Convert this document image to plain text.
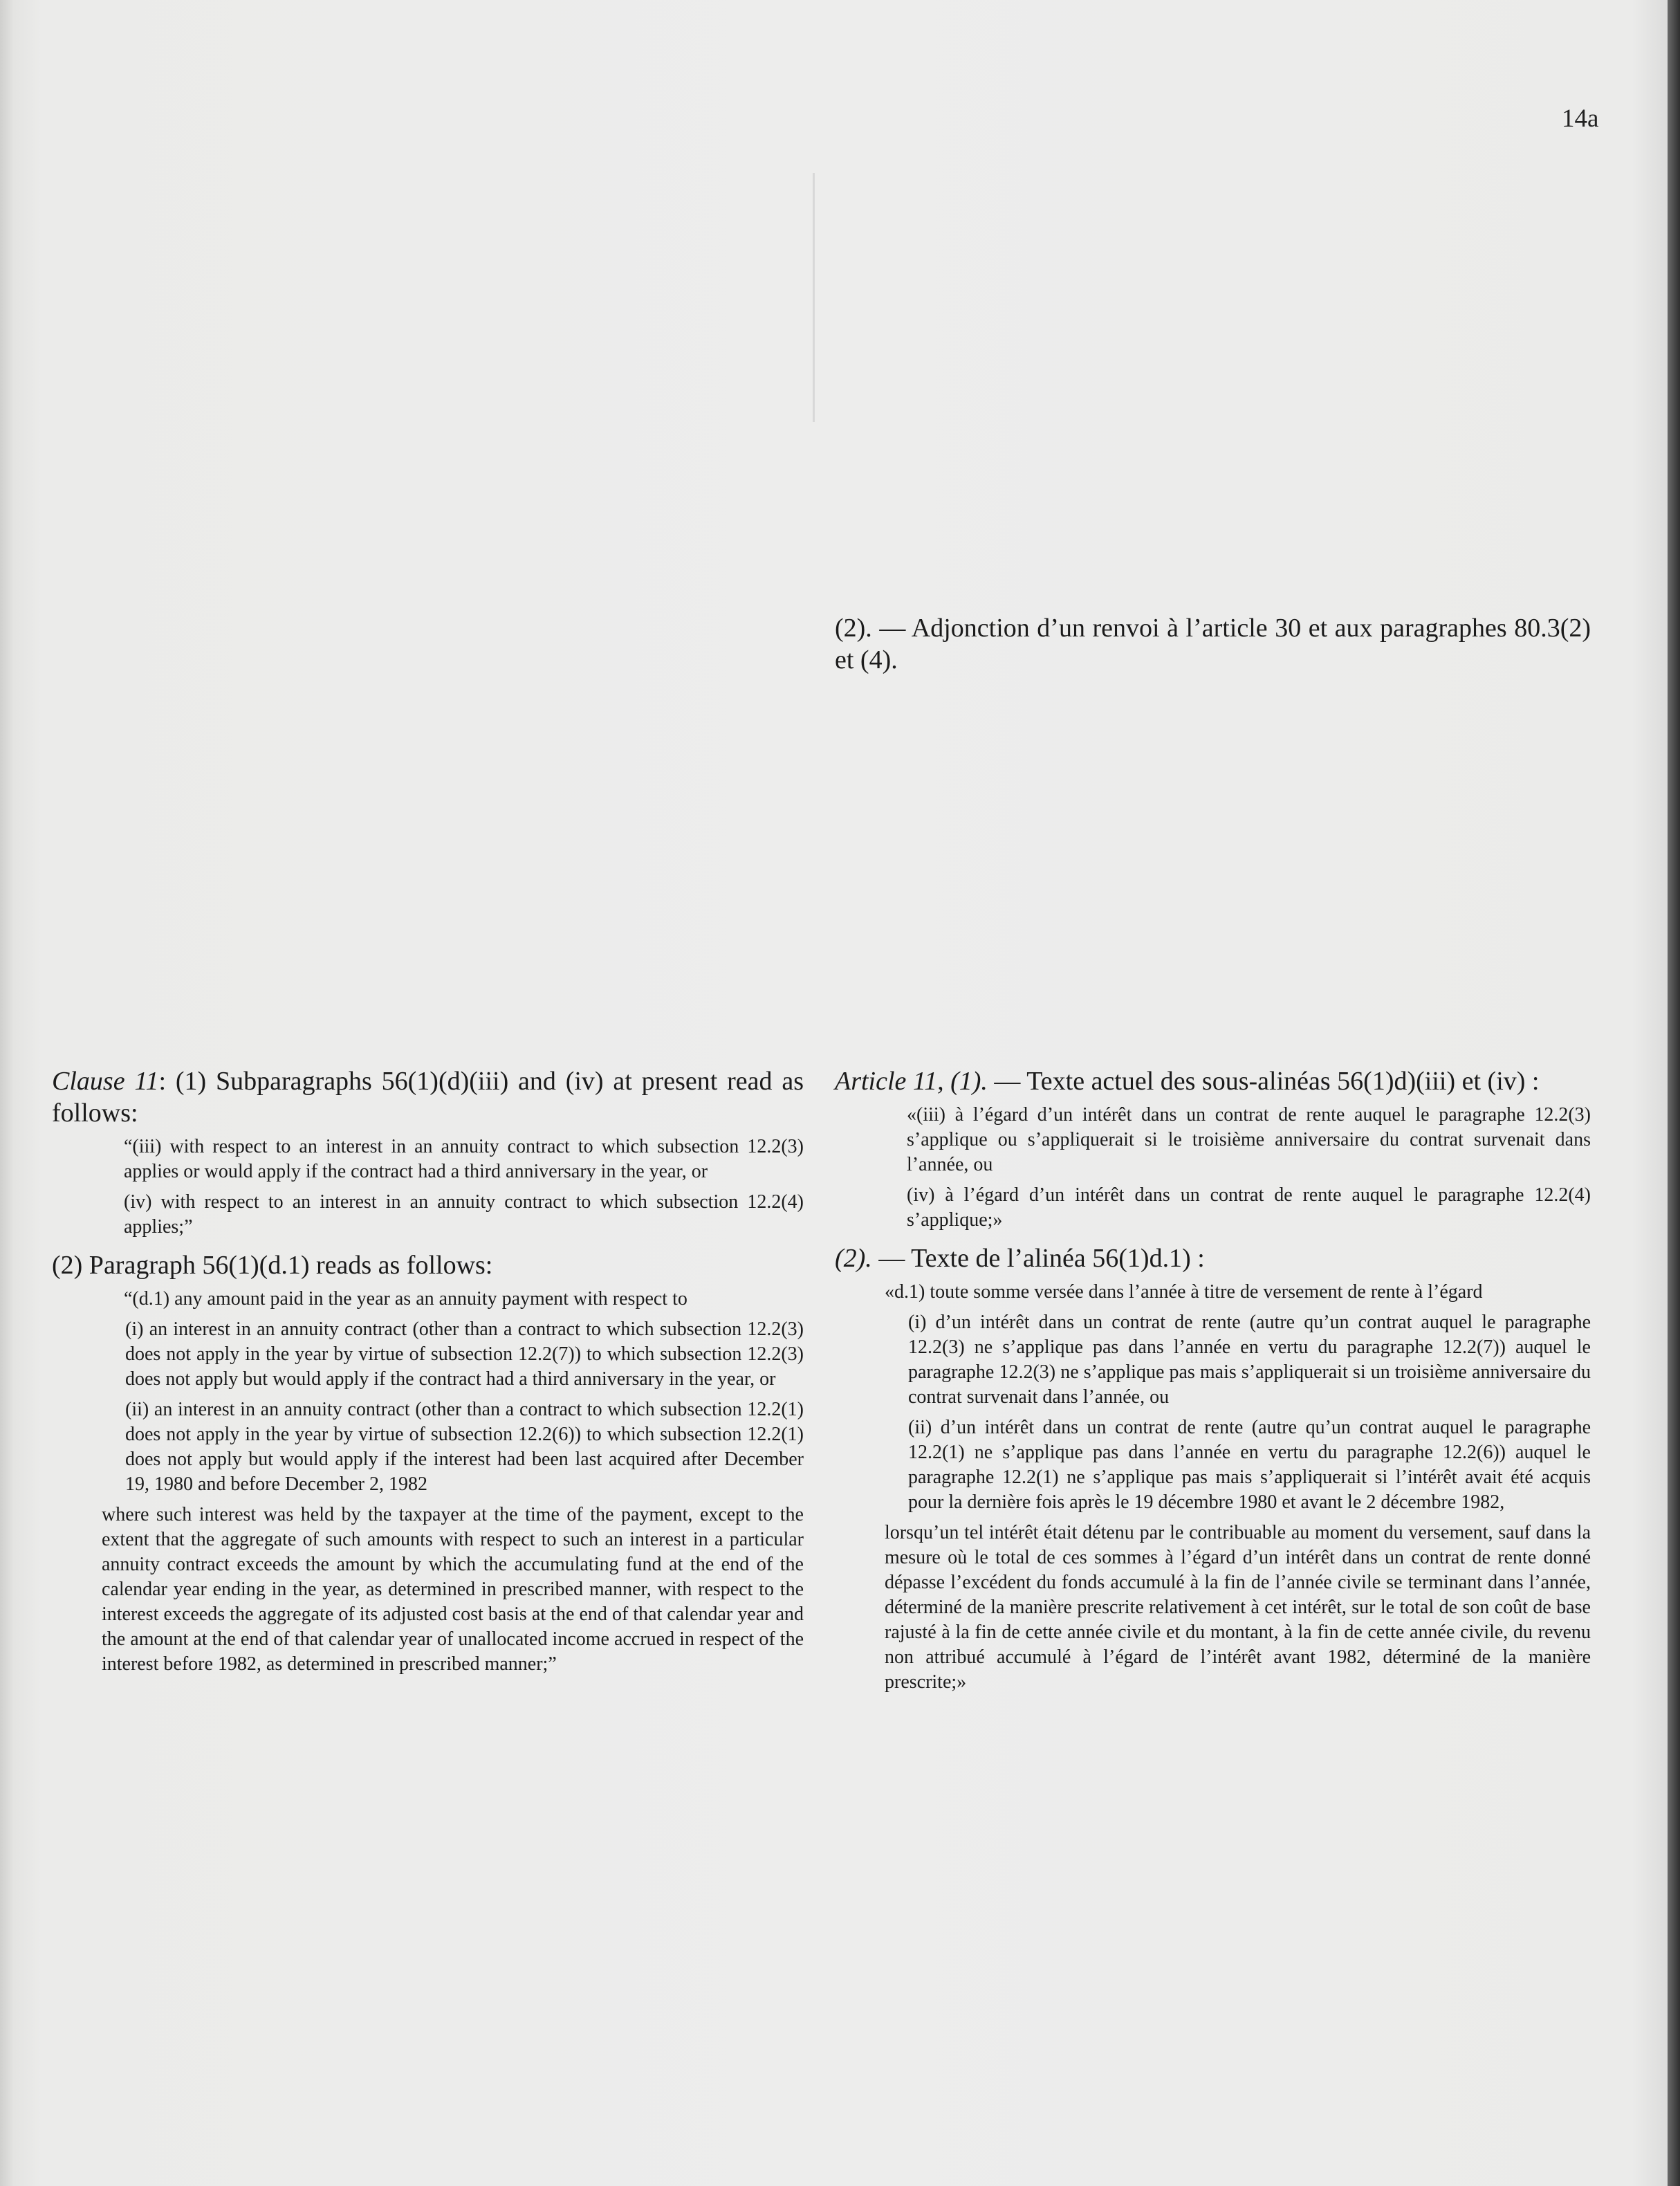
14a

(2). — Adjonction d’un renvoi à l’article 30 et aux paragraphes 80.3(2) et (4).

Clause 11: (1) Subparagraphs 56(1)(d)(iii) and (iv) at present read as follows:

“(iii) with respect to an interest in an annuity contract to which subsection 12.2(3) applies or would apply if the contract had a third anniversary in the year, or

(iv) with respect to an interest in an annuity contract to which subsection 12.2(4) applies;”

(2) Paragraph 56(1)(d.1) reads as follows:

“(d.1) any amount paid in the year as an annuity payment with respect to

(i) an interest in an annuity contract (other than a contract to which subsection 12.2(3) does not apply in the year by virtue of subsection 12.2(7)) to which subsection 12.2(3) does not apply but would apply if the contract had a third anniversary in the year, or

(ii) an interest in an annuity contract (other than a contract to which subsection 12.2(1) does not apply in the year by virtue of subsection 12.2(6)) to which subsection 12.2(1) does not apply but would apply if the interest had been last acquired after December 19, 1980 and before December 2, 1982

where such interest was held by the taxpayer at the time of the payment, except to the extent that the aggregate of such amounts with respect to such an interest in a particular annuity contract exceeds the amount by which the accumulating fund at the end of the calendar year ending in the year, as determined in prescribed manner, with respect to the interest exceeds the aggregate of its adjusted cost basis at the end of that calendar year and the amount at the end of that calendar year of unallocated income accrued in respect of the interest before 1982, as determined in prescribed manner;”

Article 11, (1). — Texte actuel des sous-alinéas 56(1)d)(iii) et (iv) :

«(iii) à l’égard d’un intérêt dans un contrat de rente auquel le paragraphe 12.2(3) s’applique ou s’appliquerait si le troisième anniversaire du contrat survenait dans l’année, ou

(iv) à l’égard d’un intérêt dans un contrat de rente auquel le paragraphe 12.2(4) s’applique;»

(2). — Texte de l’alinéa 56(1)d.1) :

«d.1) toute somme versée dans l’année à titre de versement de rente à l’égard

(i) d’un intérêt dans un contrat de rente (autre qu’un contrat auquel le paragraphe 12.2(3) ne s’applique pas dans l’année en vertu du paragraphe 12.2(7)) auquel le paragraphe 12.2(3) ne s’applique pas mais s’appliquerait si un troisième anniversaire du contrat survenait dans l’année, ou

(ii) d’un intérêt dans un contrat de rente (autre qu’un contrat auquel le paragraphe 12.2(1) ne s’applique pas dans l’année en vertu du paragraphe 12.2(6)) auquel le paragraphe 12.2(1) ne s’applique pas mais s’appliquerait si l’intérêt avait été acquis pour la dernière fois après le 19 décembre 1980 et avant le 2 décembre 1982,

lorsqu’un tel intérêt était détenu par le contribuable au moment du versement, sauf dans la mesure où le total de ces sommes à l’égard d’un intérêt dans un contrat de rente donné dépasse l’excédent du fonds accumulé à la fin de l’année civile se terminant dans l’année, déterminé de la manière prescrite relativement à cet intérêt, sur le total de son coût de base rajusté à la fin de cette année civile et du montant, à la fin de cette année civile, du revenu non attribué accumulé à l’égard de l’intérêt avant 1982, déterminé de la manière prescrite;»
